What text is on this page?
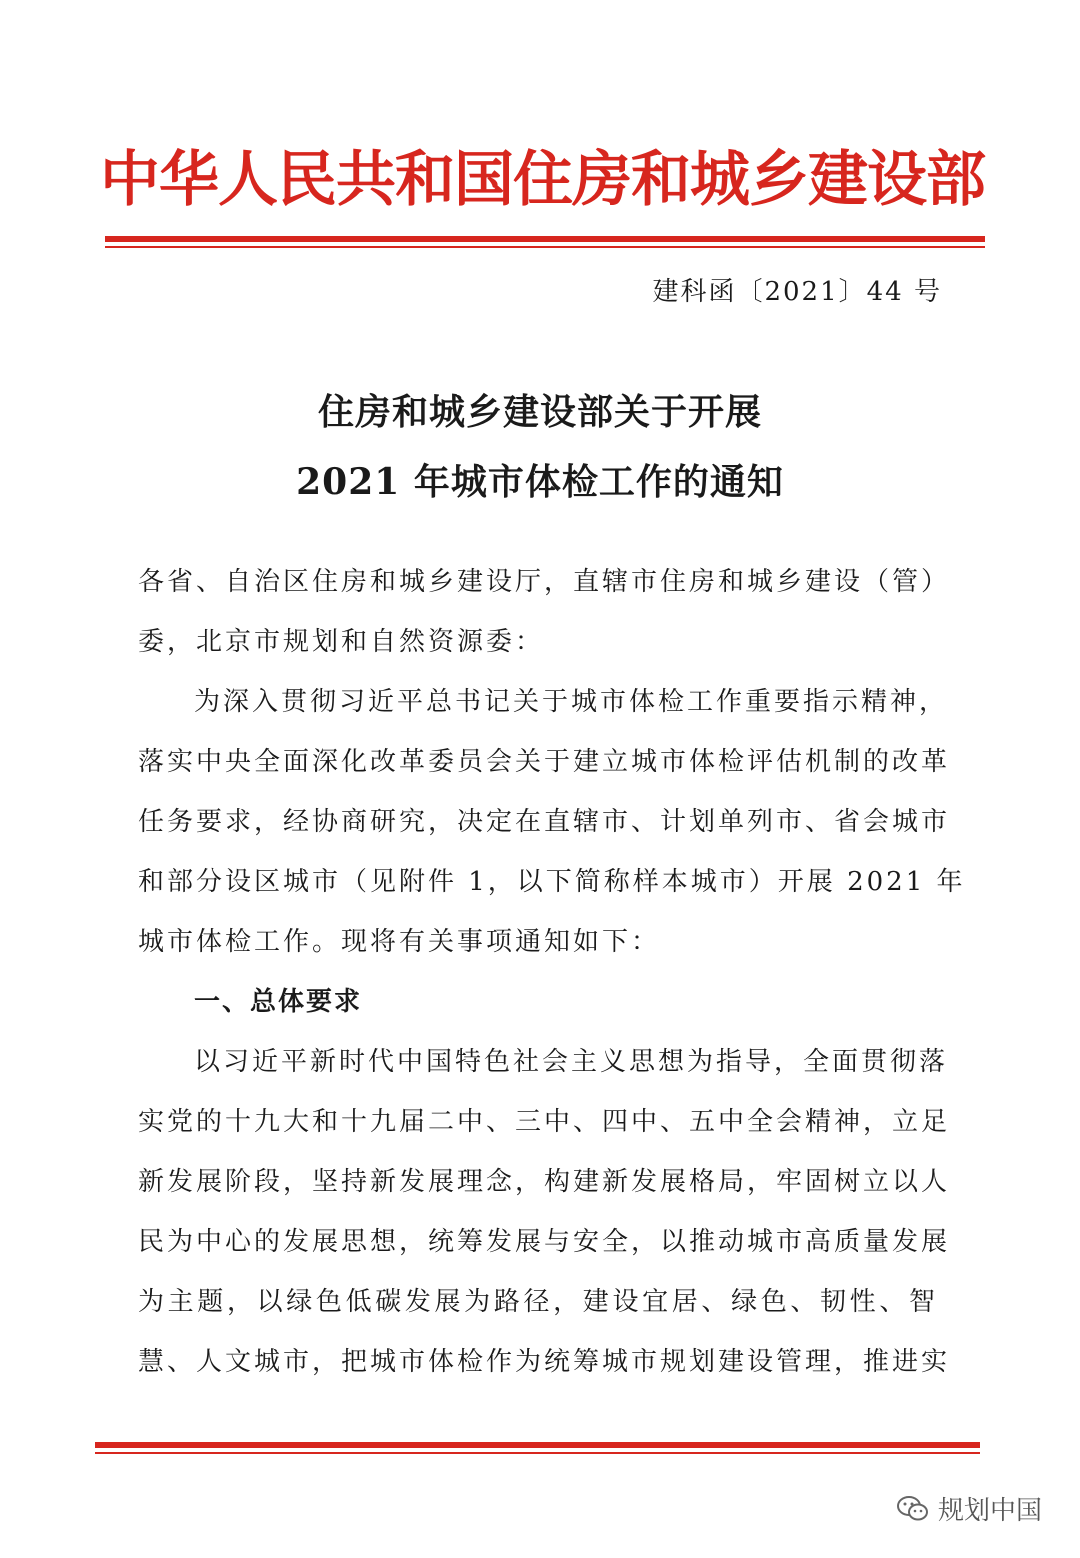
中华人民共和国住房和城乡建设部
建科函〔2021〕44 号
住房和城乡建设部关于开展
2021 年城市体检工作的通知
各省、自治区住房和城乡建设厅，直辖市住房和城乡建设（管）
委，北京市规划和自然资源委：
为深入贯彻习近平总书记关于城市体检工作重要指示精神，
落实中央全面深化改革委员会关于建立城市体检评估机制的改革
任务要求，经协商研究，决定在直辖市、计划单列市、省会城市
和部分设区城市（见附件 1，以下简称样本城市）开展 2021 年
城市体检工作。现将有关事项通知如下：
一、总体要求
以习近平新时代中国特色社会主义思想为指导，全面贯彻落
实党的十九大和十九届二中、三中、四中、五中全会精神，立足
新发展阶段，坚持新发展理念，构建新发展格局，牢固树立以人
民为中心的发展思想，统筹发展与安全，以推动城市高质量发展
为主题，以绿色低碳发展为路径，建设宜居、绿色、韧性、智
慧、人文城市，把城市体检作为统筹城市规划建设管理，推进实
规划中国
